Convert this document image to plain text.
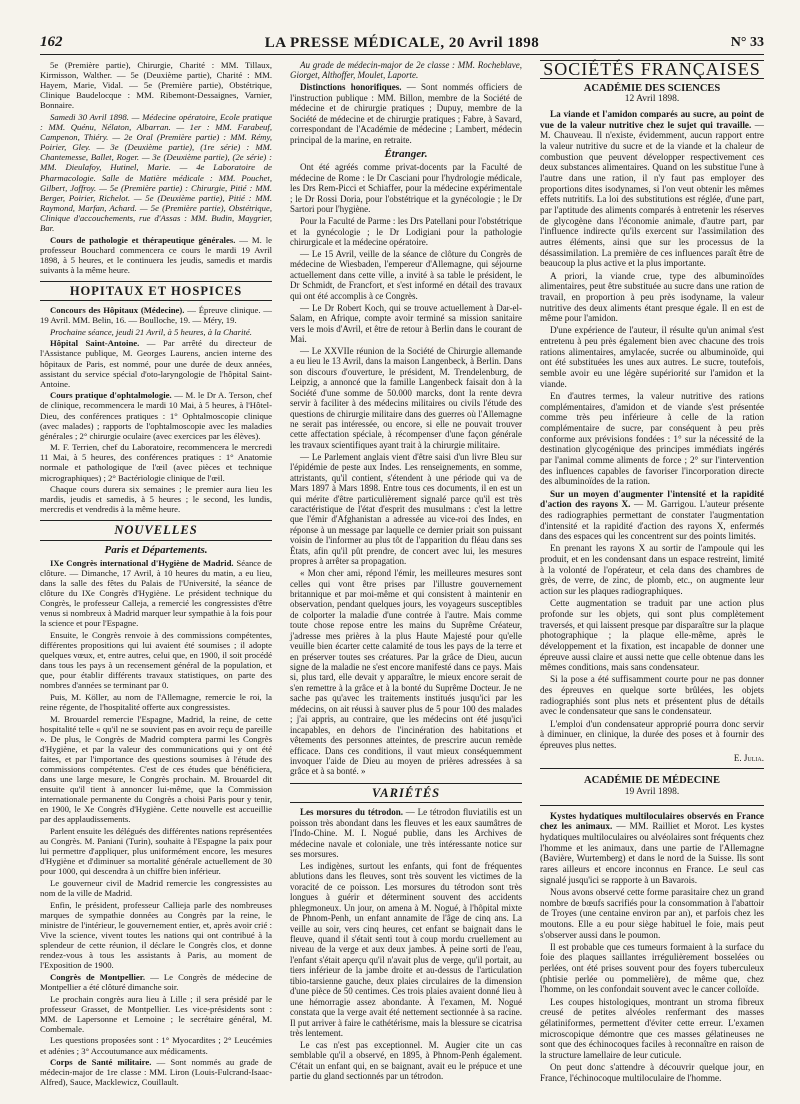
162	LA PRESSE MÉDICALE, 20 Avril 1898	N° 33

5e (Première partie), Chirurgie, Charité : MM. Tillaux, Kirmisson, Walther. — 5e (Deuxième partie), Charité : MM. Hayem, Marie, Vidal. — 5e (Première partie), Obstétrique, Clinique Baudelocque : MM. Ribemont-Dessaignes, Varnier, Bonnaire.

Samedi 30 Avril 1898. — Médecine opératoire, Ecole pratique : MM. Quénu, Nélaton, Albarran. — 1er : MM. Farabeuf, Campenon, Thiéry. — 2e Oral (Première partie) : MM. Rémy, Poirier, Gley. — 3e (Deuxième partie), (1re série) : MM. Chantemesse, Ballet, Roger. — 3e (Deuxième partie), (2e série) : MM. Dieulafoy, Hutinel, Marie. — 4e Laboratoire de Pharmacologie. Salle de Matière médicale : MM. Pouchet, Gilbert, Joffroy. — 5e (Première partie) : Chirurgie, Pitié : MM. Berger, Poirier, Richelot. — 5e (Deuxième partie), Pitié : MM. Raymond, Marfan, Achard. — 5e (Première partie), Obstétrique, Clinique d'accouchements, rue d'Assas : MM. Budin, Maygrier, Bar.

Cours de pathologie et thérapeutique générales. — M. le professeur Bouchard commencera ce cours le mardi 19 Avril 1898, à 5 heures, et le continuera les jeudis, samedis et mardis suivants à la même heure.

HOPITAUX ET HOSPICES

Concours des Hôpitaux (Médecine). — Épreuve clinique. — 19 Avril. MM. Belin, 16. — Boulloche, 19. — Méry, 19.

Prochaine séance, jeudi 21 Avril, à 5 heures, à la Charité.

Hôpital Saint-Antoine. — Par arrêté du directeur de l'Assistance publique, M. Georges Laurens, ancien interne des hôpitaux de Paris, est nommé, pour une durée de deux années, assistant du service spécial d'oto-laryngologie de l'hôpital Saint-Antoine.

Cours pratique d'ophtalmologie. — M. le Dr A. Terson, chef de clinique, recommencera le mardi 10 Mai, à 5 heures, à l'Hôtel-Dieu, des conférences pratiques : 1° Ophtalmoscopie clinique (avec malades) ; rapports de l'ophtalmoscopie avec les maladies générales ; 2° chirurgie oculaire (avec exercices par les élèves).

M. F. Terrien, chef du Laboratoire, recommencera le mercredi 11 Mai, à 5 heures, des conférences pratiques : 1° Anatomie normale et pathologique de l'œil (avec pièces et technique micrographiques) ; 2° Bactériologie clinique de l'œil.

Chaque cours durera six semaines ; le premier aura lieu les mardis, jeudis et samedis, à 5 heures ; le second, les lundis, mercredis et vendredis à la même heure.

NOUVELLES
Paris et Départements.

IXe Congrès international d'Hygiène de Madrid. Séance de clôture. — Dimanche, 17 Avril, à 10 heures du matin, a eu lieu, dans la salle des fêtes du Palais de l'Université, la séance de clôture du IXe Congrès d'Hygiène. Le président technique du Congrès, le professeur Calleja, a remercié les congressistes d'être venus si nombreux à Madrid marquer leur sympathie à la fois pour la science et pour l'Espagne.

Ensuite, le Congrès renvoie à des commissions compétentes, différentes propositions qui lui avaient été soumises ; il adopte quelques vœux, et, entre autres, celui que, en 1900, il soit procédé dans tous les pays à un recensement général de la population, et que, pour établir différents travaux statistiques, on parte des nombres d'années se terminant par 0.

Puis, M. Köller, au nom de l'Allemagne, remercie le roi, la reine régente, de l'hospitalité offerte aux congressistes.

M. Brouardel remercie l'Espagne, Madrid, la reine, de cette hospitalité telle « qu'il ne se souvient pas en avoir reçu de pareille ». De plus, le Congrès de Madrid comptera parmi les Congrès d'Hygiène, et par la valeur des communications qui y ont été faites, et par l'importance des questions soumises à l'étude des commissions compétentes. C'est de ces études que bénéficiera, dans une large mesure, le Congrès prochain. M. Brouardel dit ensuite qu'il tient à annoncer lui-même, que la Commission internationale permanente du Congrès a choisi Paris pour y tenir, en 1900, le Xe Congrès d'Hygiène. Cette nouvelle est accueillie par des applaudissements.

Parlent ensuite les délégués des différentes nations représentées au Congrès. M. Paniani (Turin), souhaite à l'Espagne la paix pour lui permettre d'appliquer, plus uniformément encore, les mesures d'Hygiène et d'diminuer sa mortalité générale actuellement de 30 pour 1000, qui descendra à un chiffre bien inférieur.

Le gouverneur civil de Madrid remercie les congressistes au nom de la ville de Madrid.

Enfin, le président, professeur Callieja parle des nombreuses marques de sympathie données au Congrès par la reine, le ministre de l'intérieur, le gouvernement entier, et, après avoir crié : Vive la science, vivent toutes les nations qui ont contribué à la splendeur de cette réunion, il déclare le Congrès clos, et donne rendez-vous à tous les assistants à Paris, au moment de l'Exposition de 1900.

Congrès de Montpellier. — Le Congrès de médecine de Montpellier a été clôturé dimanche soir.

Le prochain congrès aura lieu à Lille ; il sera présidé par le professeur Grasset, de Montpellier. Les vice-présidents sont : MM. de Lapersonne et Lemoine ; le secrétaire général, M. Combemale.

Les questions proposées sont : 1° Myocardites ; 2° Leucémies et adénies ; 3° Accoutumance aux médicaments.

Corps de Santé militaire. — Sont nommés au grade de médecin-major de 1re classe : MM. Liron (Louis-Fulcrand-Isaac-Alfred), Sauce, Macklewicz, Couillault.

Au grade de médecin-major de 2e classe : MM. Rocheblave, Giorget, Althoffer, Moulet, Laporte.

Distinctions honorifiques. — Sont nommés officiers de l'instruction publique : MM. Billon, membre de la Société de médecine et de chirurgie pratiques ; Dupuy, membre de la Société de médecine et de chirurgie pratiques ; Fabre, à Savard, correspondant de l'Académie de médecine ; Lambert, médecin principal de la marine, en retraite.

Étranger.

Ont été agréés comme privat-docents par la Faculté de médecine de Rome : le Dr Casciani pour l'hydrologie médicale, les Drs Rem-Picci et Schiaffer, pour la médecine expérimentale ; le Dr Rossi Doria, pour l'obstétrique et la gynécologie ; le Dr Sartori pour l'hygiène.

Pour la Faculté de Parme : les Drs Patellani pour l'obstétrique et la gynécologie ; le Dr Lodigiani pour la pathologie chirurgicale et la médecine opératoire.

— Le 15 Avril, veille de la séance de clôture du Congrès de médecine de Wiesbaden, l'empereur d'Allemagne, qui séjourne actuellement dans cette ville, a invité à sa table le président, le Dr Schmidt, de Francfort, et s'est informé en détail des travaux qui ont été accomplis à ce Congrès.

— Le Dr Robert Koch, qui se trouve actuellement à Dar-el-Salam, en Afrique, compte avoir terminé sa mission sanitaire vers le mois d'Avril, et être de retour à Berlin dans le courant de Mai.

— Le XXVIIe réunion de la Société de Chirurgie allemande a eu lieu le 13 Avril, dans la maison Langenbeck, à Berlin. Dans son discours d'ouverture, le président, M. Trendelenburg, de Leipzig, a annoncé que la famille Langenbeck faisait don à la Société d'une somme de 50.000 marcks, dont la rente devra servir à faciliter à des médecins militaires ou civils l'étude des questions de chirurgie militaire dans des guerres où l'Allemagne ne serait pas intéressée, ou encore, si elle ne pouvait trouver cette affectation spéciale, à récompenser d'une façon générale les travaux scientifiques ayant trait à la chirurgie militaire.

— Le Parlement anglais vient d'être saisi d'un livre Bleu sur l'épidémie de peste aux Indes. Les renseignements, en somme, attristants, qu'il contient, s'étendent à une période qui va de Mars 1897 à Mars 1898. Entre tous ces documents, il en est un qui mérite d'être particulièrement signalé parce qu'il est très caractéristique de l'état d'esprit des musulmans : c'est la lettre que l'émir d'Afghanistan a adressée au vice-roi des Indes, en réponse à un message par laquelle ce dernier priait son puissant voisin de l'informer au plus tôt de l'apparition du fléau dans ses États, afin qu'il pût prendre, de concert avec lui, les mesures propres à arrêter sa propagation.

« Mon cher ami, répond l'émir, les meilleures mesures sont celles qui vont être prises par l'illustre gouvernement britannique et par moi-même et qui consistent à maintenir en observation, pendant quelques jours, les voyageurs susceptibles de colporter la maladie d'une contrée à l'autre. Mais comme toute chose repose entre les mains du Suprême Créateur, j'adresse mes prières à la plus Haute Majesté pour qu'elle veuille bien écarter cette calamité de tous les pays de la terre et en préserver toutes ses créatures. Par la grâce de Dieu, aucun signe de la maladie ne s'est encore manifesté dans ce pays. Mais si, plus tard, elle devait y apparaître, le mieux encore serait de s'en remettre à la grâce et à la bonté du Suprême Docteur. Je ne sache pas qu'avec les traitements institués jusqu'ici par les médecins, on ait réussi à sauver plus de 5 pour 100 des malades ; j'ai appris, au contraire, que les médecins ont été jusqu'ici incapables, en dehors de l'incinération des habitations et vêtements des personnes atteintes, de prescrire aucun remède efficace. Dans ces conditions, il vaut mieux conséquemment invoquer l'aide de Dieu au moyen de prières adressées à sa grâce et à sa bonté. »

VARIÉTÉS

Les morsures du tétrodon. — Le tétrodon fluviatilis est un poisson très abondant dans les fleuves et les eaux saumâtres de l'Indo-Chine. M. I. Nogué publie, dans les Archives de médecine navale et coloniale, une très intéressante notice sur ses morsures.

Les indigènes, surtout les enfants, qui font de fréquentes ablutions dans les fleuves, sont très souvent les victimes de la voracité de ce poisson. Les morsures du tétrodon sont très longues à guérir et déterminent souvent des accidents phlegmoneux. Un jour, on amena à M. Nogué, à l'hôpital mixte de Phnom-Penh, un enfant annamite de l'âge de cinq ans. La veille au soir, vers cinq heures, cet enfant se baignait dans le fleuve, quand il s'était senti tout à coup mordu cruellement au niveau de la verge et aux deux jambes. À peine sorti de l'eau, l'enfant s'était aperçu qu'il n'avait plus de verge, qu'il portait, au tiers inférieur de la jambe droite et au-dessus de l'articulation tibio-tarsienne gauche, deux plaies circulaires de la dimension d'une pièce de 50 centimes. Ces trois plaies avaient donné lieu à une hémorragie assez abondante. À l'examen, M. Nogué constata que la verge avait été nettement sectionnée à sa racine. Il put arriver à faire le cathétérisme, mais la blessure se cicatrisa très lentement.

Le cas n'est pas exceptionnel. M. Augier cite un cas semblable qu'il a observé, en 1895, à Phnom-Penh également. C'était un enfant qui, en se baignant, avait eu le prépuce et une partie du gland sectionnés par un tétrodon.

SOCIÉTÉS FRANÇAISES
ACADÉMIE DES SCIENCES
12 Avril 1898.

La viande et l'amidon comparés au sucre, au point de vue de la valeur nutritive chez le sujet qui travaille. — M. Chauveau. Il n'existe, évidemment, aucun rapport entre la valeur nutritive du sucre et de la viande et la chaleur de combustion que peuvent développer respectivement ces deux substances alimentaires. Quand on les substitue l'une à l'autre dans une ration, il n'y faut pas employer des proportions dites isodynames, si l'on veut obtenir les mêmes effets nutritifs. La loi des substitutions est réglée, d'une part, par l'aptitude des aliments comparés à entretenir les réserves de glycogène dans l'économie animale, d'autre part, par l'influence indirecte qu'ils exercent sur l'assimilation des autres éléments, ainsi que sur les processus de la désassimilation. La première de ces influences paraît être de beaucoup la plus active et la plus importante.

A priori, la viande crue, type des albuminoïdes alimentaires, peut être substituée au sucre dans une ration de travail, en proportion à peu près isodyname, la valeur nutritive des deux aliments étant presque égale. Il en est de même pour l'amidon.

D'une expérience de l'auteur, il résulte qu'un animal s'est entretenu à peu près également bien avec chacune des trois rations alimentaires, amylacée, sucrée ou albuminoïde, qui ont été substituées les unes aux autres. Le sucre, toutefois, semble avoir eu une légère supériorité sur l'amidon et la viande.

En d'autres termes, la valeur nutritive des rations complémentaires, d'amidon et de viande s'est présentée comme très peu inférieure à celle de la ration complémentaire de sucre, par conséquent à peu près conforme aux prévisions fondées : 1° sur la nécessité de la destination glycogénique des principes immédiats ingérés par l'animal comme aliments de force ; 2° sur l'intervention des influences capables de favoriser l'incorporation directe des albuminoïdes de la ration.

Sur un moyen d'augmenter l'intensité et la rapidité d'action des rayons X. — M. Garrigou. L'auteur présente des radiographies permettant de constater l'augmentation d'intensité et la rapidité d'action des rayons X, enfermés dans des espaces qui les concentrent sur des points limités.

En prenant les rayons X au sortir de l'ampoule qui les produit, et en les condensant dans un espace restreint, limité à la volonté de l'opérateur, et cela dans des chambres de grès, de verre, de zinc, de plomb, etc., on augmente leur action sur les plaques radiographiques.

Cette augmentation se traduit par une action plus profonde sur les objets, qui sont plus complètement traversés, et qui laissent presque par disparaître sur la plaque photographique ; la plaque elle-même, après le développement et la fixation, est incapable de donner une épreuve aussi claire et aussi nette que celle obtenue dans les mêmes conditions, mais sans condensateur.

Si la pose a été suffisamment courte pour ne pas donner des épreuves en quelque sorte brûlées, les objets radiographiés sont plus nets et présentent plus de détails avec le condensateur que sans le condensateur.

L'emploi d'un condensateur approprié pourra donc servir à diminuer, en clinique, la durée des poses et à fournir des épreuves plus nettes.

E. Julia.
ACADÉMIE DE MÉDECINE
19 Avril 1898.

Kystes hydatiques multiloculaires observés en France chez les animaux. — MM. Railliet et Morot. Les kystes hydatiques multiloculaires ou alvéolaires sont fréquents chez l'homme et les animaux, dans une partie de l'Allemagne (Bavière, Wurtemberg) et dans le nord de la Suisse. Ils sont rares ailleurs et encore inconnus en France. Le seul cas signalé jusqu'ici se rapporte à un Bavarois.

Nous avons observé cette forme parasitaire chez un grand nombre de bœufs sacrifiés pour la consommation à l'abattoir de Troyes (une centaine environ par an), et parfois chez les moutons. Elle a eu pour siège habituel le foie, mais peut s'observer aussi dans le poumon.

Il est probable que ces tumeurs formaient à la surface du foie des plaques saillantes irrégulièrement bosselées ou perlées, ont été prises souvent pour des foyers tuberculeux (phtisie perlée ou pommelière), de même que, chez l'homme, on les confondait souvent avec le cancer colloïde.

Les coupes histologiques, montrant un stroma fibreux creusé de petites alvéoles renfermant des masses gélatiniformes, permettent d'éviter cette erreur. L'examen microscopique démontre que ces masses gélatineuses ne sont que des échinocoques faciles à reconnaître en raison de la structure lamellaire de leur cuticule.

On peut donc s'attendre à découvrir quelque jour, en France, l'échinocoque multiloculaire de l'homme.
